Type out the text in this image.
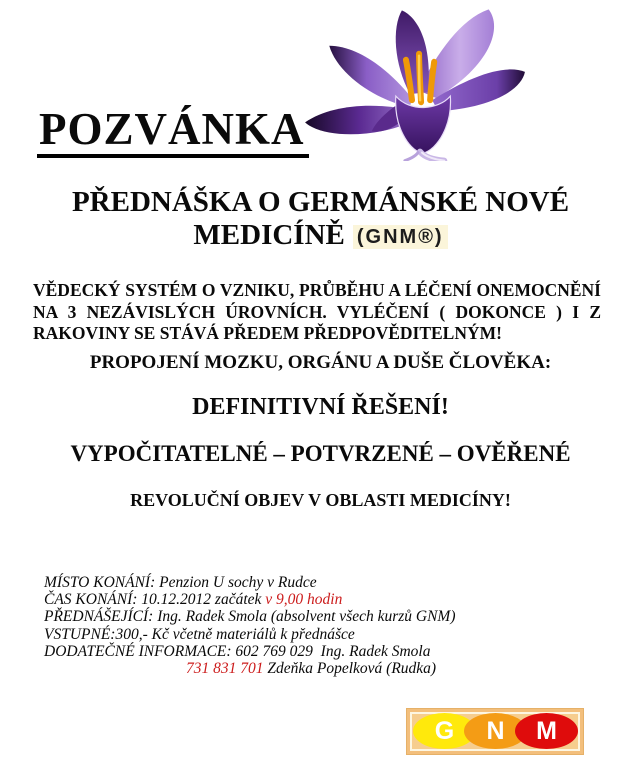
POZVÁNKA
PŘEDNÁŠKA O GERMÁNSKÉ NOVÉ
MEDICÍNĚ (GNM®)

VĚDECKÝ SYSTÉM O VZNIKU, PRŮBĚHU A LÉČENÍ ONEMOCNĚNÍ NA 3 NEZÁVISLÝCH ÚROVNÍCH. VYLÉČENÍ ( DOKONCE ) I Z RAKOVINY SE STÁVÁ PŘEDEM PŘEDPOVĚDITELNÝM!

PROPOJENÍ MOZKU, ORGÁNU A DUŠE ČLOVĚKA:
DEFINITIVNÍ ŘEŠENÍ!
VYPOČITATELNÉ – POTVRZENÉ – OVĚŘENÉ
REVOLUČNÍ OBJEV V OBLASTI MEDICÍNY!
MÍSTO KONÁNÍ: Penzion U sochy v Rudce
ČAS KONÁNÍ: 10.12.2012 začátek v 9,00 hodin
PŘEDNÁŠEJÍCÍ: Ing. Radek Smola (absolvent všech kurzů GNM)
VSTUPNÉ:300,- Kč včetně materiálů k přednášce
DODATEČNÉ INFORMACE: 602 769 029  Ing. Radek Smola
731 831 701 Zdeňka Popelková (Rudka)
G	N	M
